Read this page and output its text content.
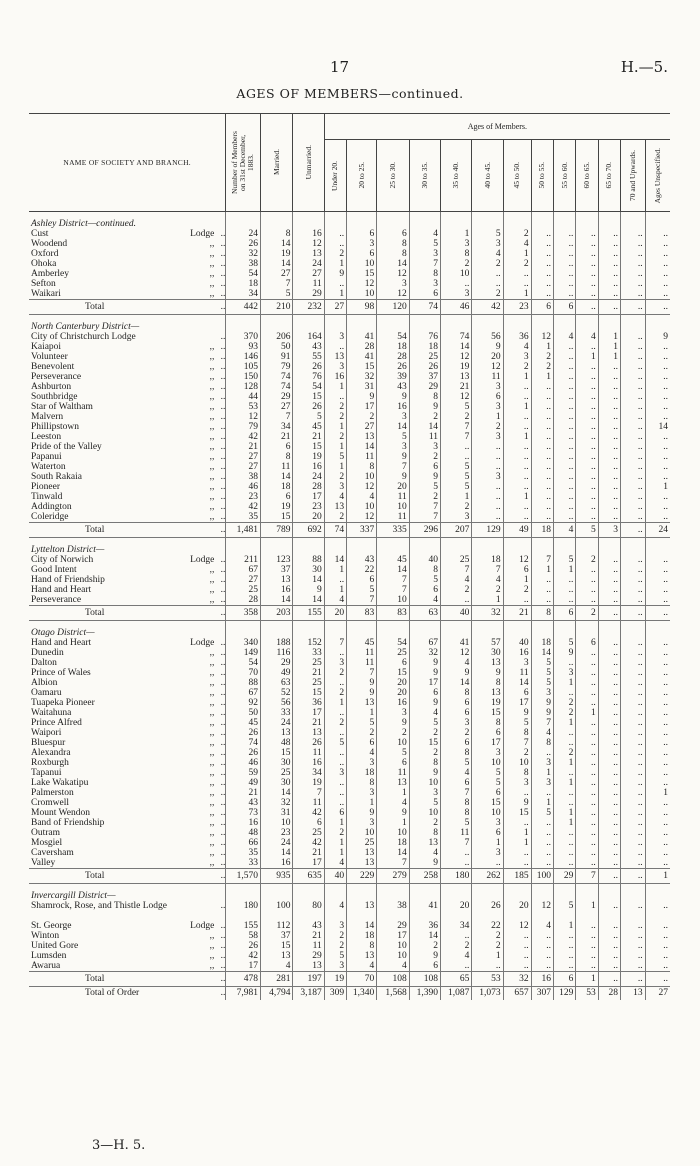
17	H.—5.
AGES OF MEMBERS—continued.
NAME OF SOCIETY AND BRANCH.	Number of Members on 31st December, 1883.	Married.	Unmarried.	Ages of Members.												

				Under 20.	20 to 25.	25 to 30.	30 to 35.	35 to 40.	40 to 45.	45 to 50.	50 to 55.	55 to 60.	60 to 65.	65 to 70.	70 and Upwards.	Ages Unspecified.

Ashley District—continued.																

..
Cust Lodge	24	8	16	..	6	6	4	1	5	2	..	..	..	..	..	..

..
Woodend ,,	26	14	12	..	3	8	5	3	3	4	..	..	..	..	..	..

..
Oxford ,,	32	19	13	2	6	8	3	8	4	1	..	..	..	..	..	..

..
Ohoka ,,	38	14	24	1	10	14	7	2	2	2	..	..	..	..	..	..

..
Amberley ,,	54	27	27	9	15	12	8	10	..	..	..	..	..	..	..	..

..
Sefton ,,	18	7	11	..	12	3	3	..	..	..	..	..	..	..	..	..

..
Waikari ,,	34	5	29	1	10	12	6	3	2	1	..	..	..	..	..	..

..
Total	442	210	232	27	98	120	74	46	42	23	6	6	..	..	..	..
North Canterbury District—																

..
City of Christchurch Lodge	370	206	164	3	41	54	76	74	56	36	12	4	4	1	..	9

..
Kaiapoi ,,	93	50	43	..	28	18	18	14	9	4	1	..	..	1	..	..

..
Volunteer ,,	146	91	55	13	41	28	25	12	20	3	2	..	1	1	..	..

..
Benevolent ,,	105	79	26	3	15	26	26	19	12	2	2	..	..	..	..	..

..
Perseverance ,,	150	74	76	16	32	39	37	13	11	1	1	..	..	..	..	..

..
Ashburton ,,	128	74	54	1	31	43	29	21	3	..	..	..	..	..	..	..

..
Southbridge ,,	44	29	15	..	9	9	8	12	6	..	..	..	..	..	..	..

..
Star of Waltham ,,	53	27	26	2	17	16	9	5	3	1	..	..	..	..	..	..

..
Malvern ,,	12	7	5	2	2	3	2	2	1	..	..	..	..	..	..	..

..
Phillipstown ,,	79	34	45	1	27	14	14	7	2	..	..	..	..	..	..	14

..
Leeston ,,	42	21	21	2	13	5	11	7	3	1	..	..	..	..	..	..

..
Pride of the Valley ,,	21	6	15	1	14	3	3	..	..	..	..	..	..	..	..	..

..
Papanui ,,	27	8	19	5	11	9	2	..	..	..	..	..	..	..	..	..

..
Waterton ,,	27	11	16	1	8	7	6	5	..	..	..	..	..	..	..	..

..
South Rakaia ,,	38	14	24	2	10	9	9	5	3	..	..	..	..	..	..	..

..
Pioneer ,,	46	18	28	3	12	20	5	5	..	..	..	..	..	..	..	1

..
Tinwald ,,	23	6	17	4	4	11	2	1	..	1	..	..	..	..	..	..

..
Addington ,,	42	19	23	13	10	10	7	2	..	..	..	..	..	..	..	..

..
Coleridge ,,	35	15	20	2	12	11	7	3	..	..	..	..	..	..	..	..

..
Total	1,481	789	692	74	337	335	296	207	129	49	18	4	5	3	..	24
Lyttelton District—																

..
City of Norwich Lodge	211	123	88	14	43	45	40	25	18	12	7	5	2	..	..	..

..
Good Intent ,,	67	37	30	1	22	14	8	7	7	6	1	1	..	..	..	..

..
Hand of Friendship ,,	27	13	14	..	6	7	5	4	4	1	..	..	..	..	..	..

..
Hand and Heart ,,	25	16	9	1	5	7	6	2	2	2	..	..	..	..	..	..

..
Perseverance ,,	28	14	14	4	7	10	4	..	1	..	..	..	..	..	..	..

..
Total	358	203	155	20	83	83	63	40	32	21	8	6	2	..	..	..
Otago District—																

..
Hand and Heart Lodge	340	188	152	7	45	54	67	41	57	40	18	5	6	..	..	..

..
Dunedin ,,	149	116	33	..	11	25	32	12	30	16	14	9	..	..	..	..

..
Dalton ,,	54	29	25	3	11	6	9	4	13	3	5	..	..	..	..	..

..
Prince of Wales ,,	70	49	21	2	7	15	9	9	9	11	5	3	..	..	..	..

..
Albion ,,	88	63	25	..	9	20	17	14	8	14	5	1	..	..	..	..

..
Oamaru ,,	67	52	15	2	9	20	6	8	13	6	3	..	..	..	..	..

..
Tuapeka Pioneer ,,	92	56	36	1	13	16	9	6	19	17	9	2	..	..	..	..

..
Waitahuna ,,	50	33	17	..	1	3	4	6	15	9	9	2	1	..	..	..

..
Prince Alfred ,,	45	24	21	2	5	9	5	3	8	5	7	1	..	..	..	..

..
Waipori ,,	26	13	13	..	2	2	2	2	6	8	4	..	..	..	..	..

..
Bluespur ,,	74	48	26	5	6	10	15	6	17	7	8	..	..	..	..	..

..
Alexandra ,,	26	15	11	..	4	5	2	8	3	2	..	2	..	..	..	..

..
Roxburgh ,,	46	30	16	..	3	6	8	5	10	10	3	1	..	..	..	..

..
Tapanui ,,	59	25	34	3	18	11	9	4	5	8	1	..	..	..	..	..

..
Lake Wakatipu ,,	49	30	19	..	8	13	10	6	5	3	3	1	..	..	..	..

..
Palmerston ,,	21	14	7	..	3	1	3	7	6	..	..	..	..	..	..	1

..
Cromwell ,,	43	32	11	..	1	4	5	8	15	9	1	..	..	..	..	..

..
Mount Wendon ,,	73	31	42	6	9	9	10	8	10	15	5	1	..	..	..	..

..
Band of Friendship ,,	16	10	6	1	3	1	2	5	3	..	..	1	..	..	..	..

..
Outram ,,	48	23	25	2	10	10	8	11	6	1	..	..	..	..	..	..

..
Mosgiel ,,	66	24	42	1	25	18	13	7	1	1	..	..	..	..	..	..

..
Caversham ,,	35	14	21	1	13	14	4	..	3	..	..	..	..	..	..	..

..
Valley ,,	33	16	17	4	13	7	9	..	..	..	..	..	..	..	..	..

..
Total	1,570	935	635	40	229	279	258	180	262	185	100	29	7	..	..	1
Invercargill District—																

..
Shamrock, Rose, and Thistle Lodge	180	100	80	4	13	38	41	20	26	20	12	5	1	..	..	..

..
St. George Lodge	155	112	43	3	14	29	36	34	22	12	4	1	..	..	..	..

..
Winton ,,	58	37	21	2	18	17	14	..	2	..	..	..	..	..	..	..

..
United Gore ,,	26	15	11	2	8	10	2	2	2	..	..	..	..	..	..	..

..
Lumsden ,,	42	13	29	5	13	10	9	4	1	..	..	..	..	..	..	..

..
Awarua ,,	17	4	13	3	4	4	6	..	..	..	..	..	..	..	..	..

..
Total	478	281	197	19	70	108	108	65	53	32	16	6	1	..	..	..

..
Total of Order	7,981	4,794	3,187	309	1,340	1,568	1,390	1,087	1,073	657	307	129	53	28	13	27
3—H. 5.
